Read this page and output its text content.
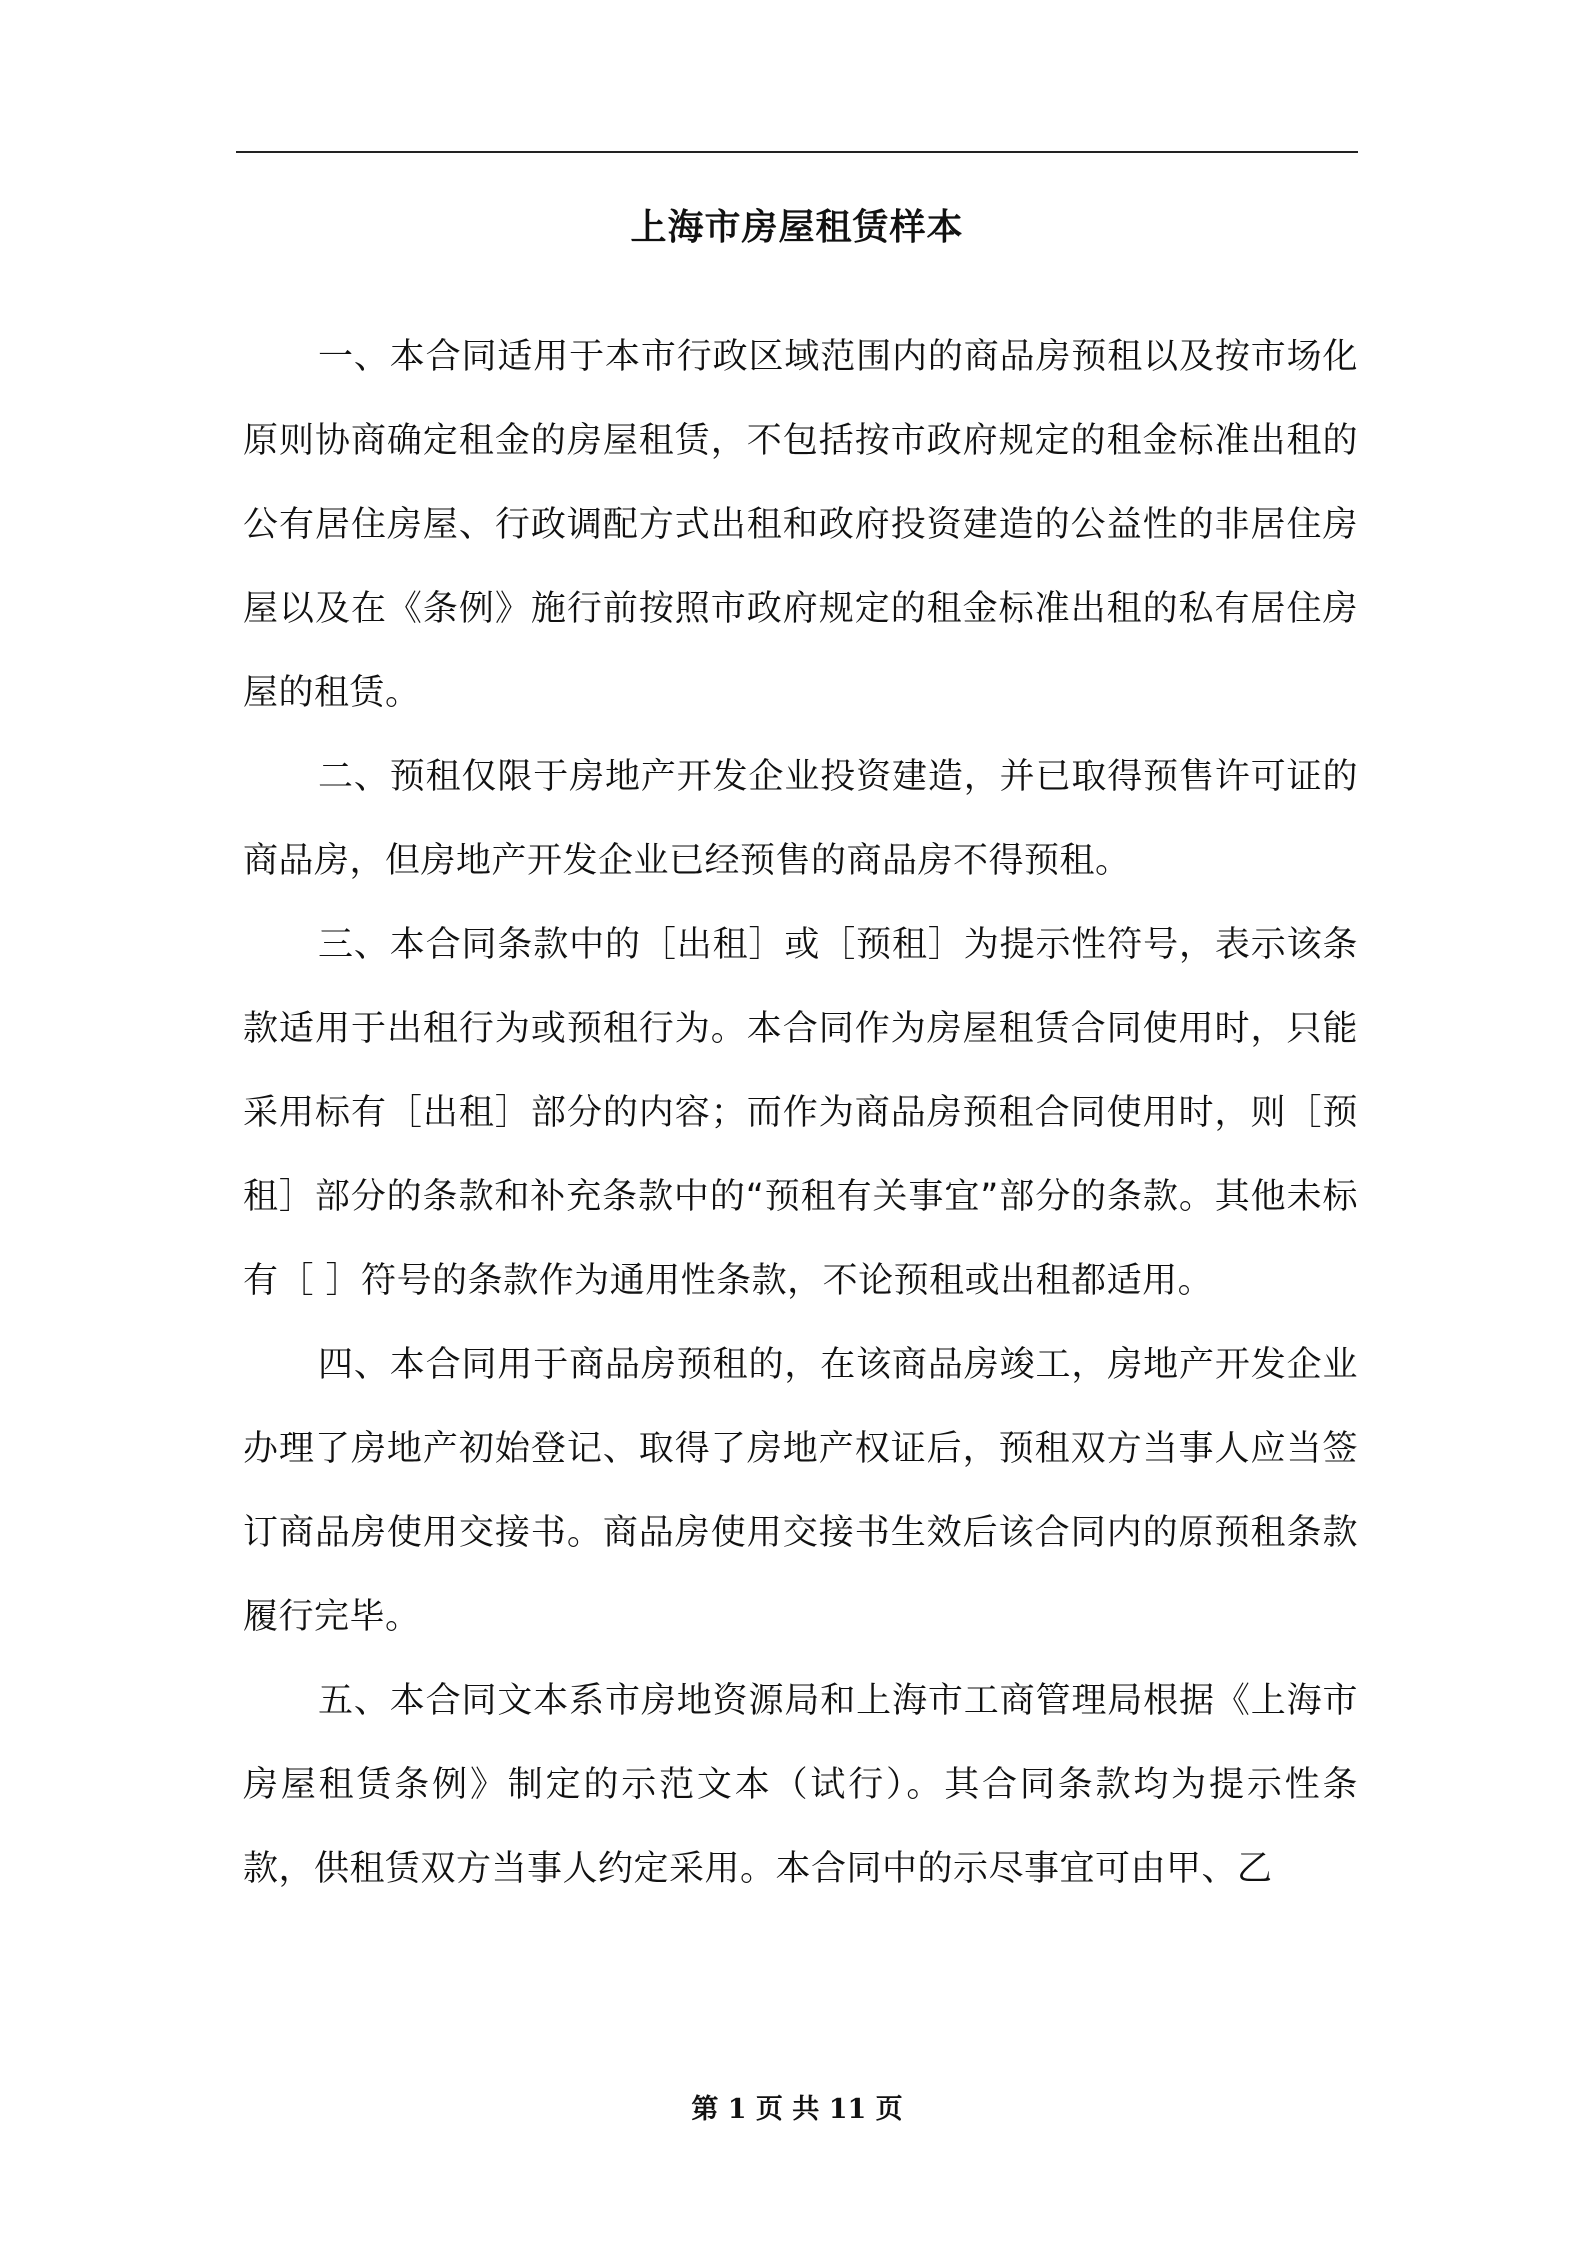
上海市房屋租赁样本

一、本合同适用于本市行政区域范围内的商品房预租以及按市场化原则协商确定租金的房屋租赁，不包括按市政府规定的租金标准出租的公有居住房屋、行政调配方式出租和政府投资建造的公益性的非居住房屋以及在《条例》施行前按照市政府规定的租金标准出租的私有居住房屋的租赁。

二、预租仅限于房地产开发企业投资建造，并已取得预售许可证的商品房，但房地产开发企业已经预售的商品房不得预租。

三、本合同条款中的［出租］或［预租］为提示性符号，表示该条款适用于出租行为或预租行为。本合同作为房屋租赁合同使用时，只能采用标有［出租］部分的内容；而作为商品房预租合同使用时，则［预租］部分的条款和补充条款中的“预租有关事宜”部分的条款。其他未标有［ ］符号的条款作为通用性条款，不论预租或出租都适用。

四、本合同用于商品房预租的，在该商品房竣工，房地产开发企业办理了房地产初始登记、取得了房地产权证后，预租双方当事人应当签订商品房使用交接书。商品房使用交接书生效后该合同内的原预租条款履行完毕。

五、本合同文本系市房地资源局和上海市工商管理局根据《上海市房屋租赁条例》制定的示范文本（试行）。其合同条款均为提示性条款，供租赁双方当事人约定采用。本合同中的示尽事宜可由甲、乙

第 1 页 共 11 页
